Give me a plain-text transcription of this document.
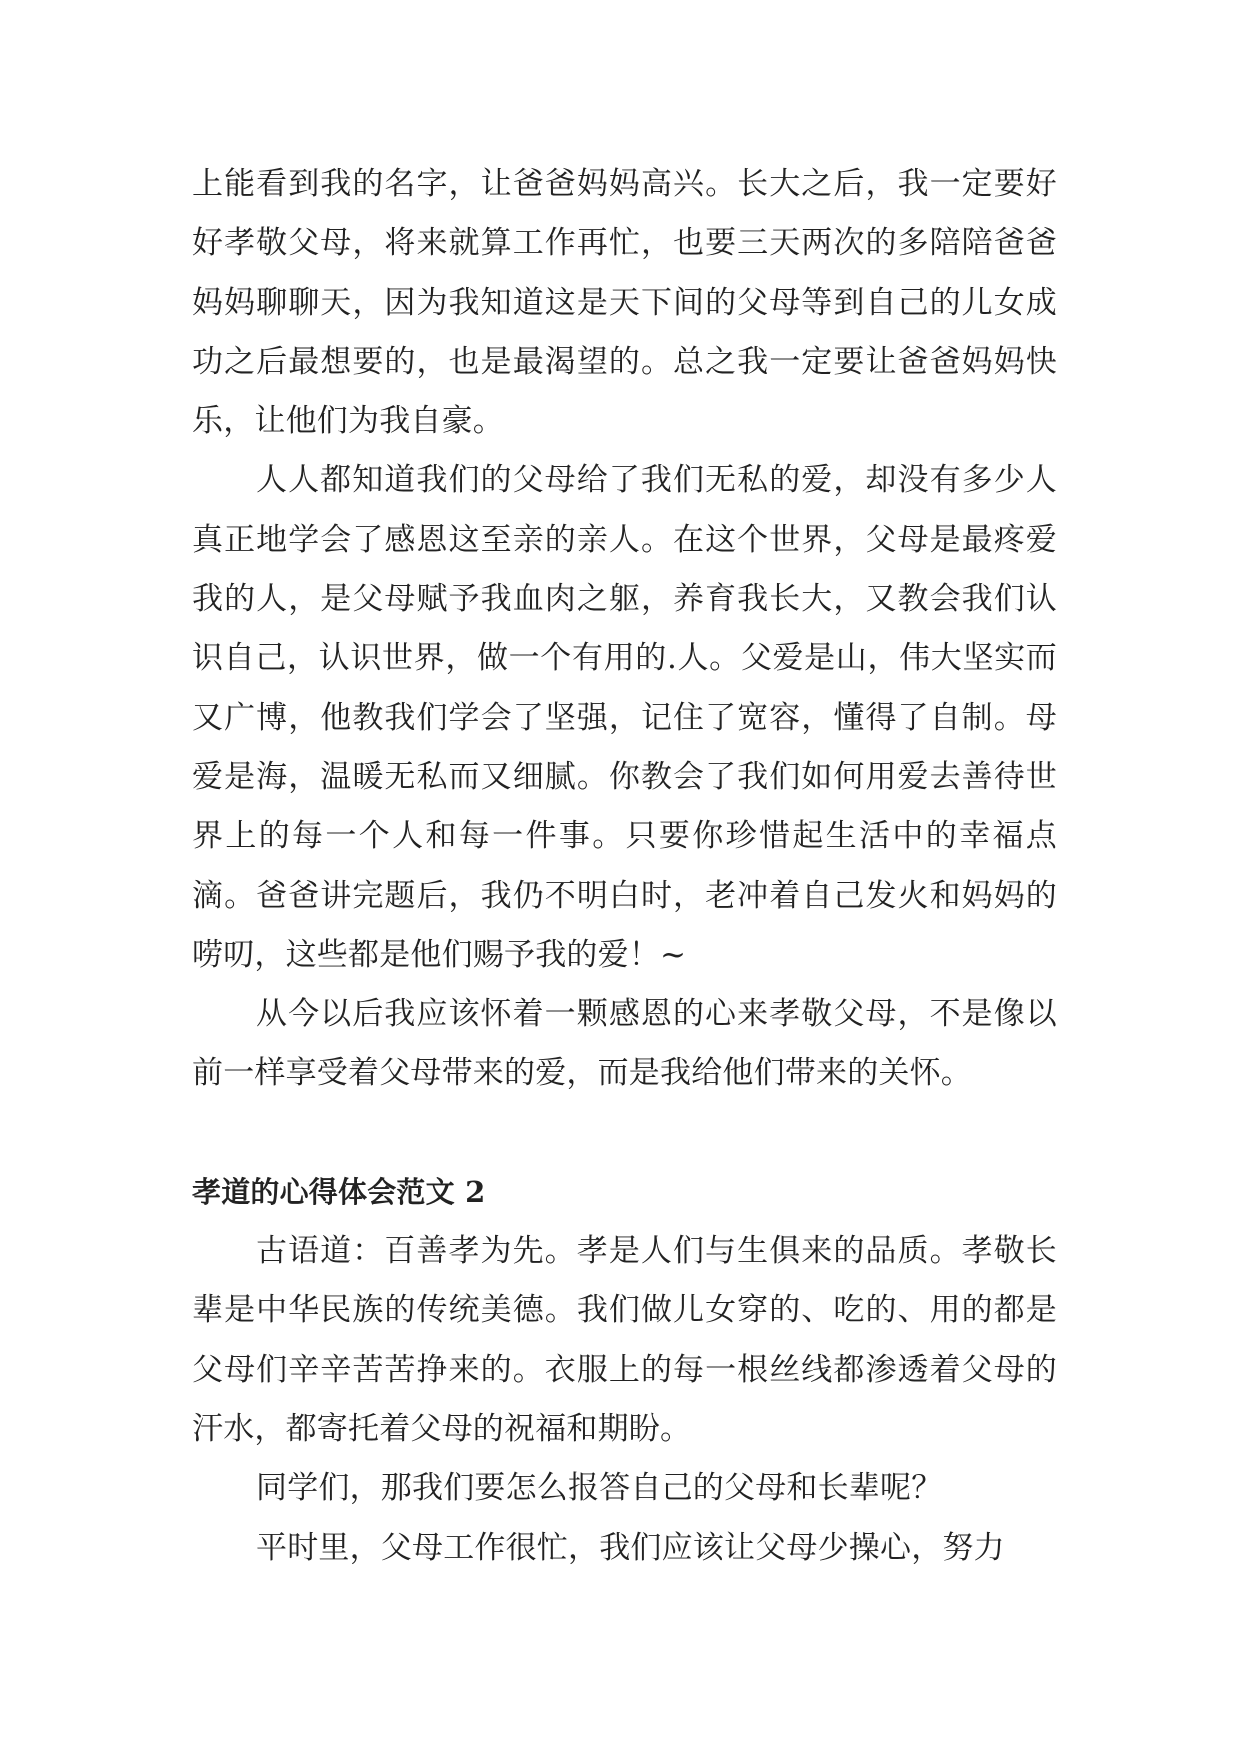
上能看到我的名字，让爸爸妈妈高兴。长大之后，我一定要好好孝敬父母，将来就算工作再忙，也要三天两次的多陪陪爸爸妈妈聊聊天，因为我知道这是天下间的父母等到自己的儿女成功之后最想要的，也是最渴望的。总之我一定要让爸爸妈妈快乐，让他们为我自豪。

人人都知道我们的父母给了我们无私的爱，却没有多少人真正地学会了感恩这至亲的亲人。在这个世界，父母是最疼爱我的人，是父母赋予我血肉之躯，养育我长大，又教会我们认识自己，认识世界，做一个有用的.人。父爱是山，伟大坚实而又广博，他教我们学会了坚强，记住了宽容，懂得了自制。母爱是海，温暖无私而又细腻。你教会了我们如何用爱去善待世界上的每一个人和每一件事。只要你珍惜起生活中的幸福点滴。爸爸讲完题后，我仍不明白时，老冲着自己发火和妈妈的唠叨，这些都是他们赐予我的爱！~

从今以后我应该怀着一颗感恩的心来孝敬父母，不是像以前一样享受着父母带来的爱，而是我给他们带来的关怀。

孝道的心得体会范文 2

古语道：百善孝为先。孝是人们与生俱来的品质。孝敬长辈是中华民族的传统美德。我们做儿女穿的、吃的、用的都是父母们辛辛苦苦挣来的。衣服上的每一根丝线都渗透着父母的汗水，都寄托着父母的祝福和期盼。

同学们，那我们要怎么报答自己的父母和长辈呢？

平时里，父母工作很忙，我们应该让父母少操心，努力
